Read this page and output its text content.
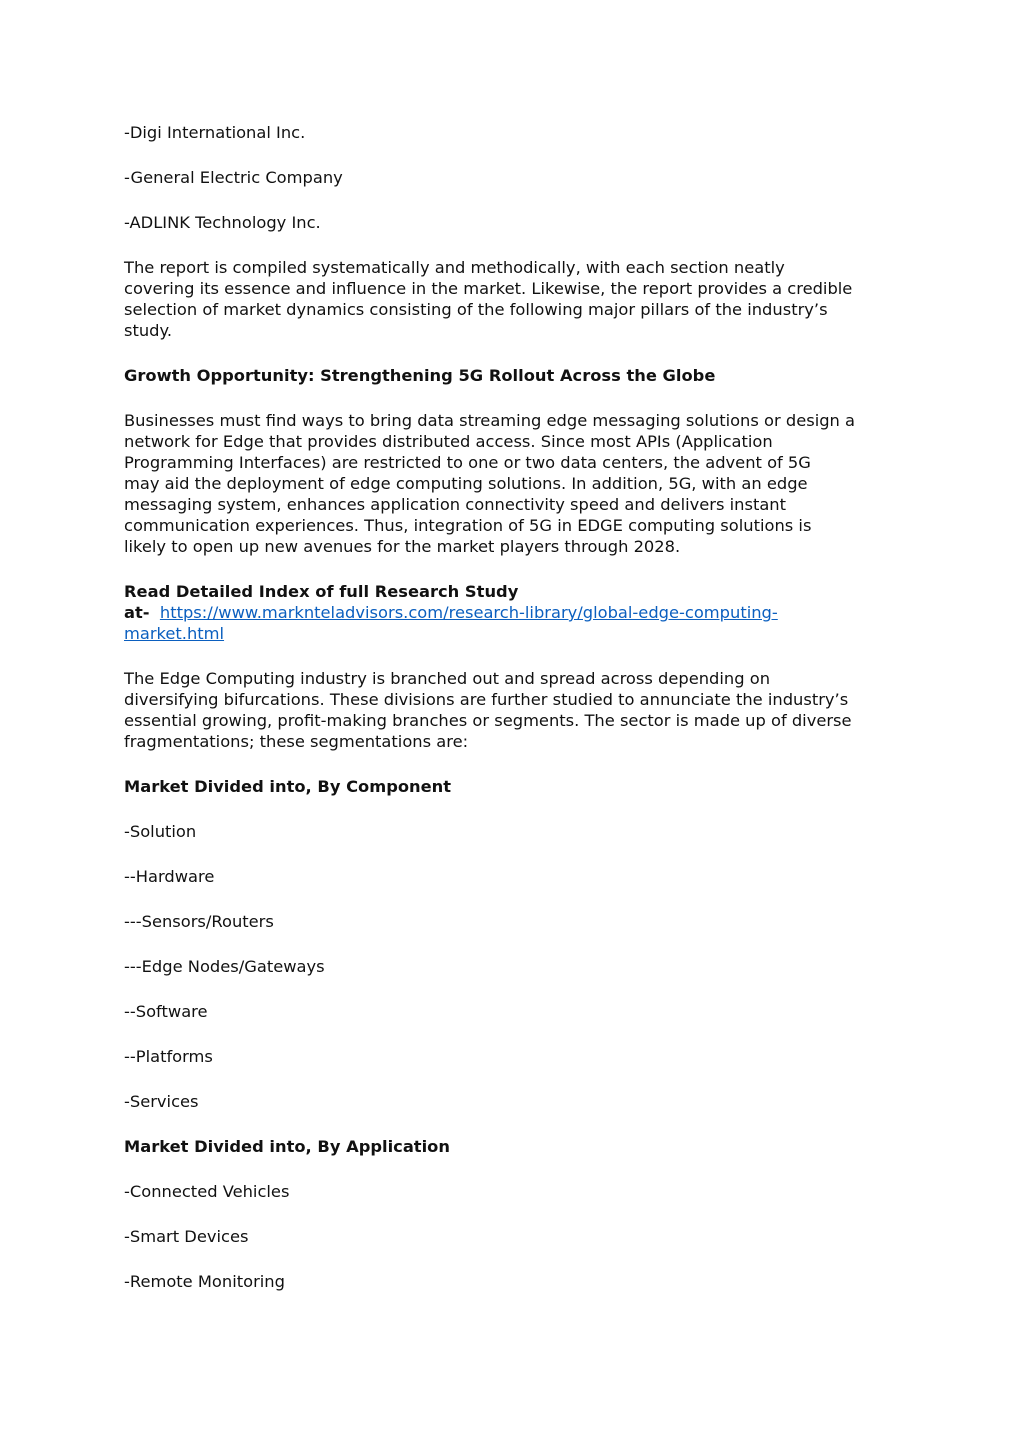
-Digi International Inc.
-General Electric Company
-ADLINK Technology Inc.
The report is compiled systematically and methodically, with each section neatly
covering its essence and influence in the market. Likewise, the report provides a credible
selection of market dynamics consisting of the following major pillars of the industry’s
study.
Growth Opportunity: Strengthening 5G Rollout Across the Globe
Businesses must find ways to bring data streaming edge messaging solutions or design a
network for Edge that provides distributed access. Since most APIs (Application
Programming Interfaces) are restricted to one or two data centers, the advent of 5G
may aid the deployment of edge computing solutions. In addition, 5G, with an edge
messaging system, enhances application connectivity speed and delivers instant
communication experiences. Thus, integration of 5G in EDGE computing solutions is
likely to open up new avenues for the market players through 2028.
Read Detailed Index of full Research Study
at- https://www.marknteladvisors.com/research-library/global-edge-computing-
market.html
The Edge Computing industry is branched out and spread across depending on
diversifying bifurcations. These divisions are further studied to annunciate the industry’s
essential growing, profit-making branches or segments. The sector is made up of diverse
fragmentations; these segmentations are:
Market Divided into, By Component
-Solution
--Hardware
---Sensors/Routers
---Edge Nodes/Gateways
--Software
--Platforms
-Services
Market Divided into, By Application
-Connected Vehicles
-Smart Devices
-Remote Monitoring
